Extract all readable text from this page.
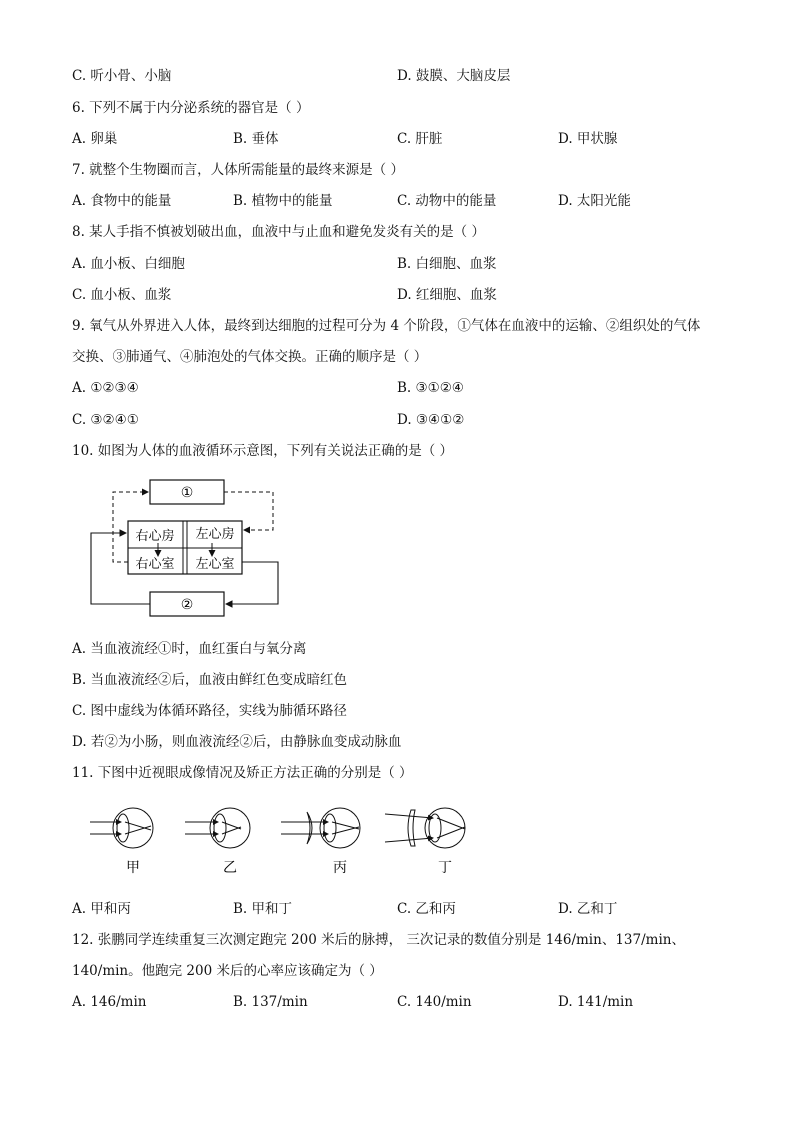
C. 听小骨、小脑	D. 鼓膜、大脑皮层
6. 下列不属于内分泌系统的器官是（ ）
A. 卵巢	B. 垂体	C. 肝脏	D. 甲状腺
7. 就整个生物圈而言，人体所需能量的最终来源是（ ）
A. 食物中的能量	B. 植物中的能量	C. 动物中的能量	D. 太阳光能
8. 某人手指不慎被划破出血，血液中与止血和避免发炎有关的是（ ）
A. 血小板、白细胞	B. 白细胞、血浆
C. 血小板、血浆	D. 红细胞、血浆
9. 氧气从外界进入人体，最终到达细胞的过程可分为 4 个阶段，①气体在血液中的运输、②组织处的气体
交换、③肺通气、④肺泡处的气体交换。正确的顺序是（ ）
A. ①②③④	B. ③①②④
C. ③②④①	D. ③④①②
10. 如图为人体的血液循环示意图，下列有关说法正确的是（ ）
①
右心房 左心房
右心室 左心室
②
A. 当血液流经①时，血红蛋白与氧分离
B. 当血液流经②后，血液由鲜红色变成暗红色
C. 图中虚线为体循环路径，实线为肺循环路径
D. 若②为小肠，则血液流经②后，由静脉血变成动脉血
11. 下图中近视眼成像情况及矫正方法正确的分别是（ ）
甲	乙	丙	丁
A. 甲和丙	B. 甲和丁	C. 乙和丙	D. 乙和丁
12. 张鹏同学连续重复三次测定跑完 200 米后的脉搏， 三次记录的数值分别是 146/min、137/min、
140/min。他跑完 200 米后的心率应该确定为（ ）
A. 146/min	B. 137/min	C. 140/min	D. 141/min
